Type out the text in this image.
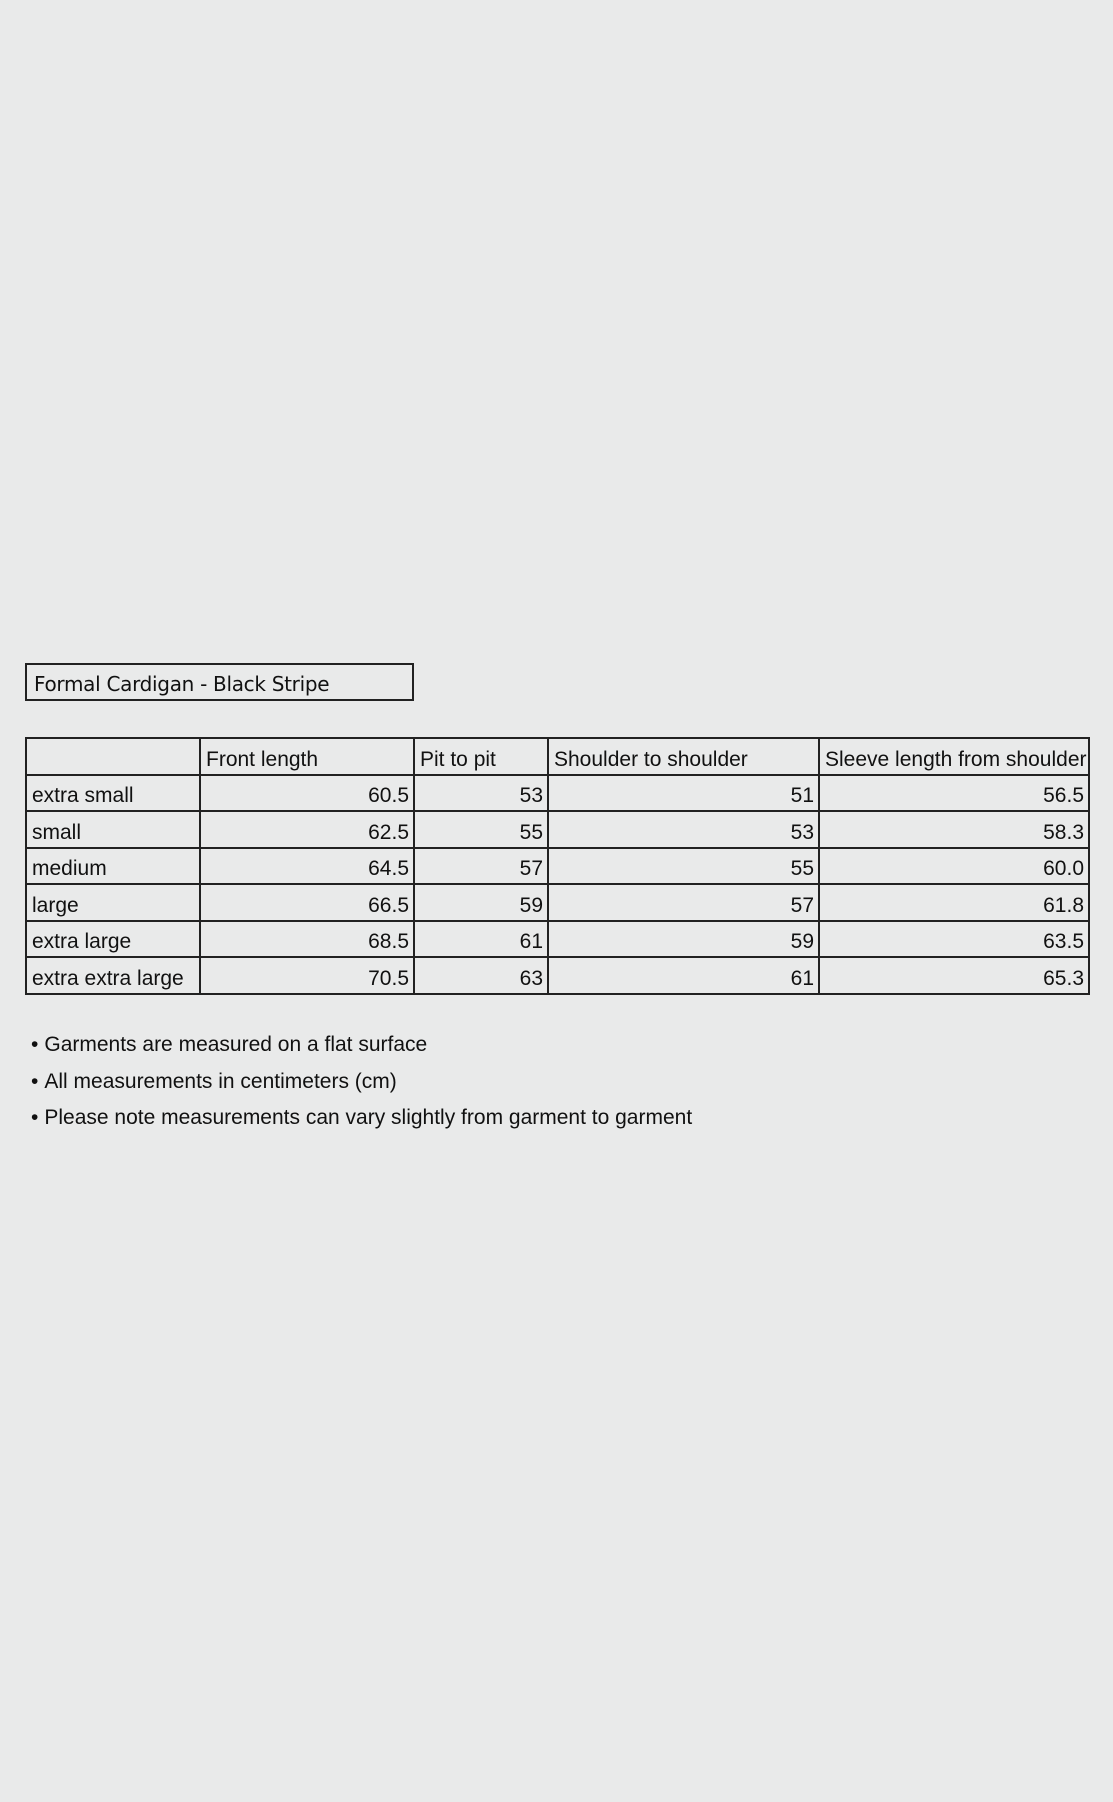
Formal Cardigan - Black Stripe
	Front length	Pit to pit	Shoulder to shoulder	Sleeve length from shoulder
extra small	60.5	53	51	56.5
small	62.5	55	53	58.3
medium	64.5	57	55	60.0
large	66.5	59	57	61.8
extra large	68.5	61	59	63.5
extra extra large	70.5	63	61	65.3
• Garments are measured on a flat surface
• All measurements in centimeters (cm)
• Please note measurements can vary slightly from garment to garment
